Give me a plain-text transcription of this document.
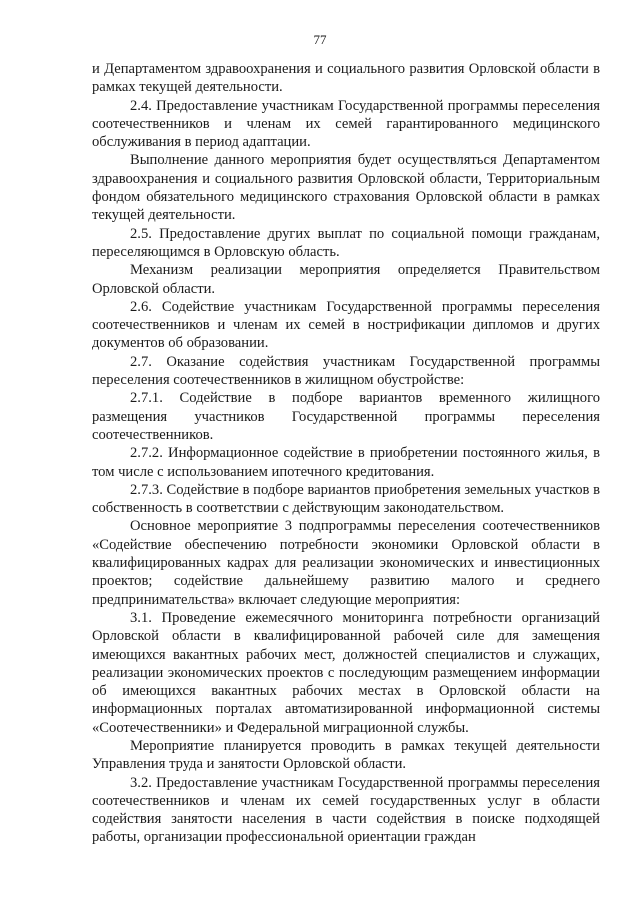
77

и Департаментом здравоохранения и социального развития Орловской области в рамках текущей деятельности.

2.4. Предоставление участникам Государственной программы переселения соотечественников и членам их семей гарантированного медицинского обслуживания в период адаптации.

Выполнение данного мероприятия будет осуществляться Департаментом здравоохранения и социального развития Орловской области, Территориальным фондом обязательного медицинского страхования Орловской области в рамках текущей деятельности.

2.5. Предоставление других выплат по социальной помощи гражданам, переселяющимся в Орловскую область.

Механизм реализации мероприятия определяется Правительством Орловской области.

2.6. Содействие участникам Государственной программы переселения соотечественников и членам их семей в нострификации дипломов и других документов об образовании.

2.7. Оказание содействия участникам Государственной программы переселения соотечественников в жилищном обустройстве:

2.7.1. Содействие в подборе вариантов временного жилищного размещения участников Государственной программы переселения соотечественников.

2.7.2. Информационное содействие в приобретении постоянного жилья, в том числе с использованием ипотечного кредитования.

2.7.3. Содействие в подборе вариантов приобретения земельных участков в собственность в соответствии с действующим законодательством.

Основное мероприятие 3 подпрограммы переселения соотечественников «Содействие обеспечению потребности экономики Орловской области в квалифицированных кадрах для реализации экономических и инвестиционных проектов; содействие дальнейшему развитию малого и среднего предпринимательства» включает следующие мероприятия:

3.1. Проведение ежемесячного мониторинга потребности организаций Орловской области в квалифицированной рабочей силе для замещения имеющихся вакантных рабочих мест, должностей специалистов и служащих, реализации экономических проектов с последующим размещением информации об имеющихся вакантных рабочих местах в Орловской области на информационных порталах автоматизированной информационной системы «Соотечественники» и Федеральной миграционной службы.

Мероприятие планируется проводить в рамках текущей деятельности Управления труда и занятости Орловской области.

3.2. Предоставление участникам Государственной программы переселения соотечественников и членам их семей государственных услуг в области содействия занятости населения в части содействия в поиске подходящей работы, организации профессиональной ориентации граждан
